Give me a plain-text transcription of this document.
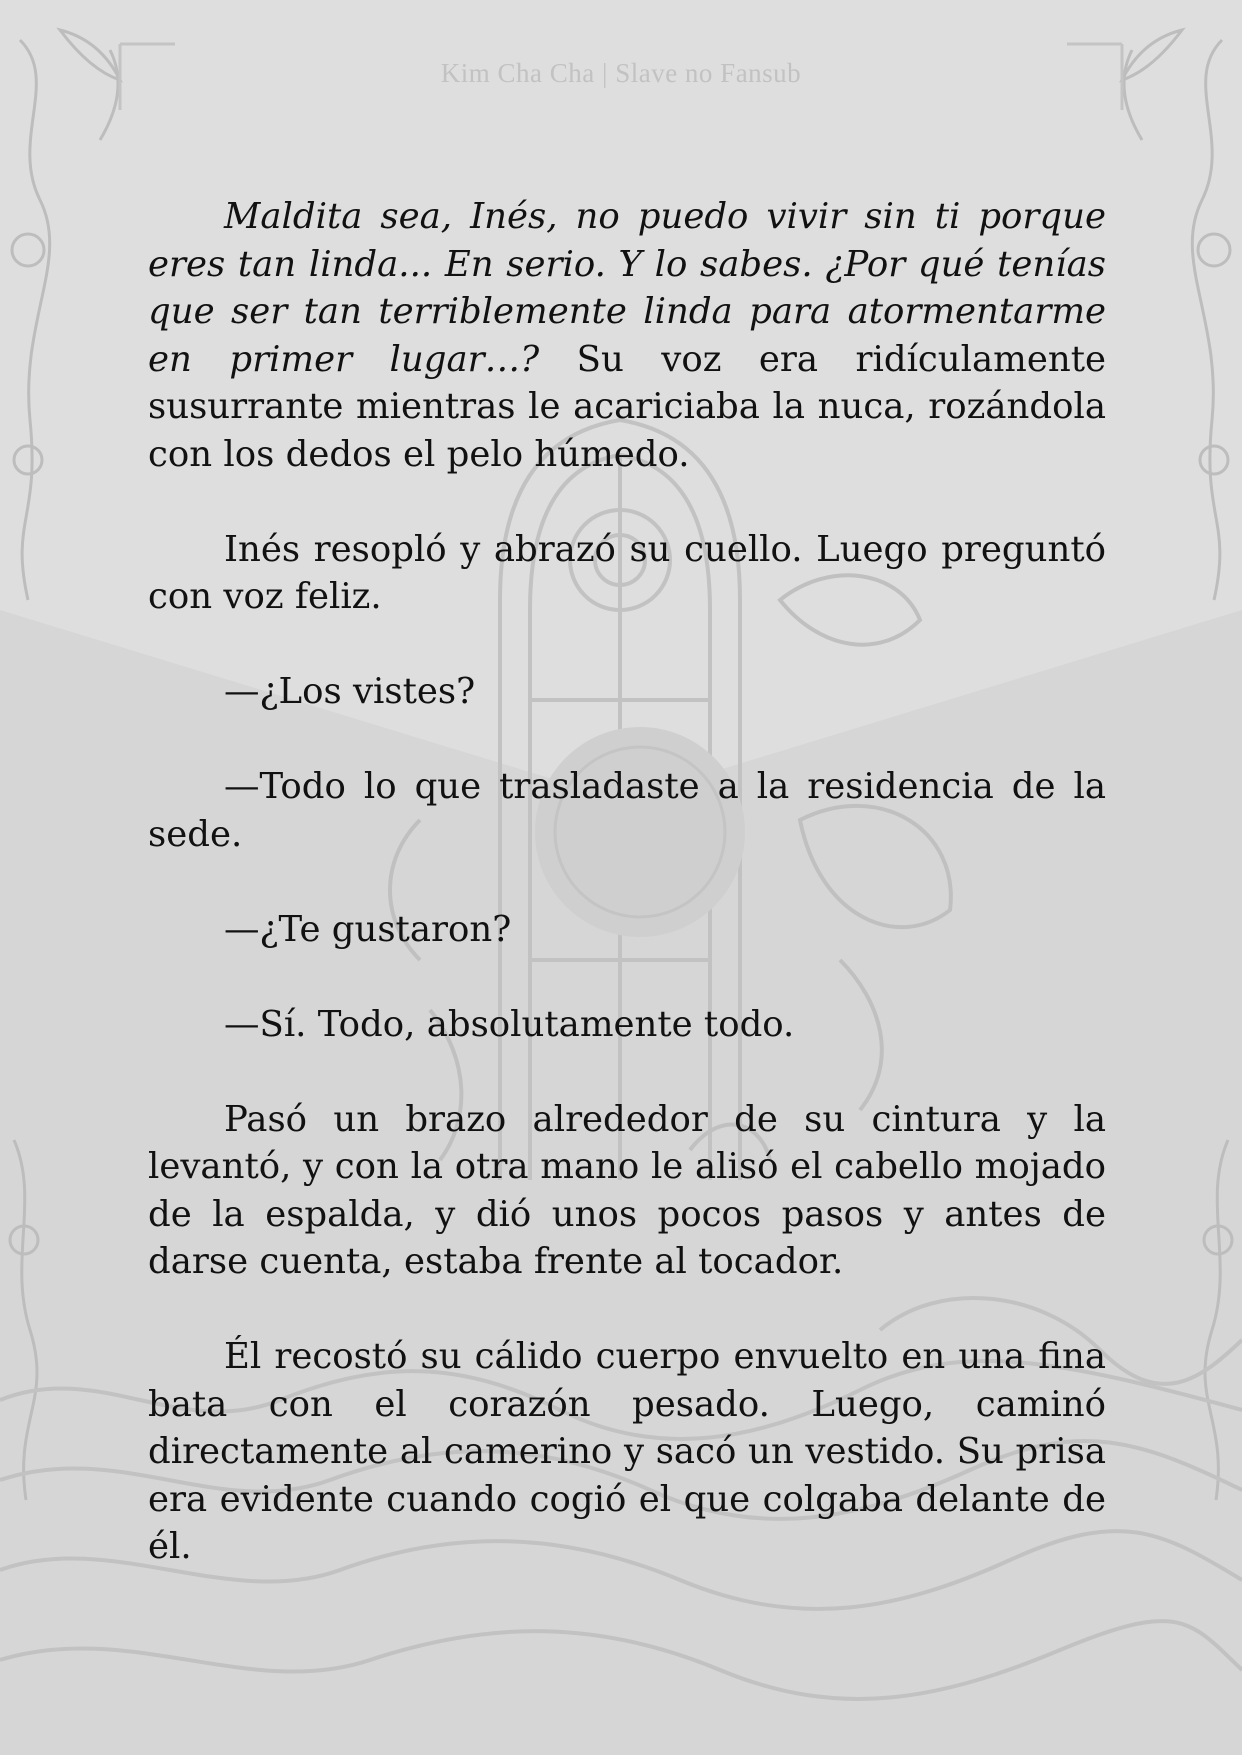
Kim Cha Cha | Slave no Fansub

Maldita sea, Inés, no puedo vivir sin ti porque eres tan linda... En serio. Y lo sabes. ¿Por qué tenías que ser tan terriblemente linda para atormentarme en primer lugar…? Su voz era ridículamente susurrante mientras le acariciaba la nuca, rozándola con los dedos el pelo húmedo.

Inés resopló y abrazó su cuello. Luego preguntó con voz feliz.

—¿Los vistes?

—Todo lo que trasladaste a la residencia de la sede.

—¿Te gustaron?

—Sí. Todo, absolutamente todo.

Pasó un brazo alrededor de su cintura y la levantó, y con la otra mano le alisó el cabello mojado de la espalda, y dió unos pocos pasos y antes de darse cuenta, estaba frente al tocador.

Él recostó su cálido cuerpo envuelto en una fina bata con el corazón pesado. Luego, caminó directamente al camerino y sacó un vestido. Su prisa era evidente cuando cogió el que colgaba delante de él.
